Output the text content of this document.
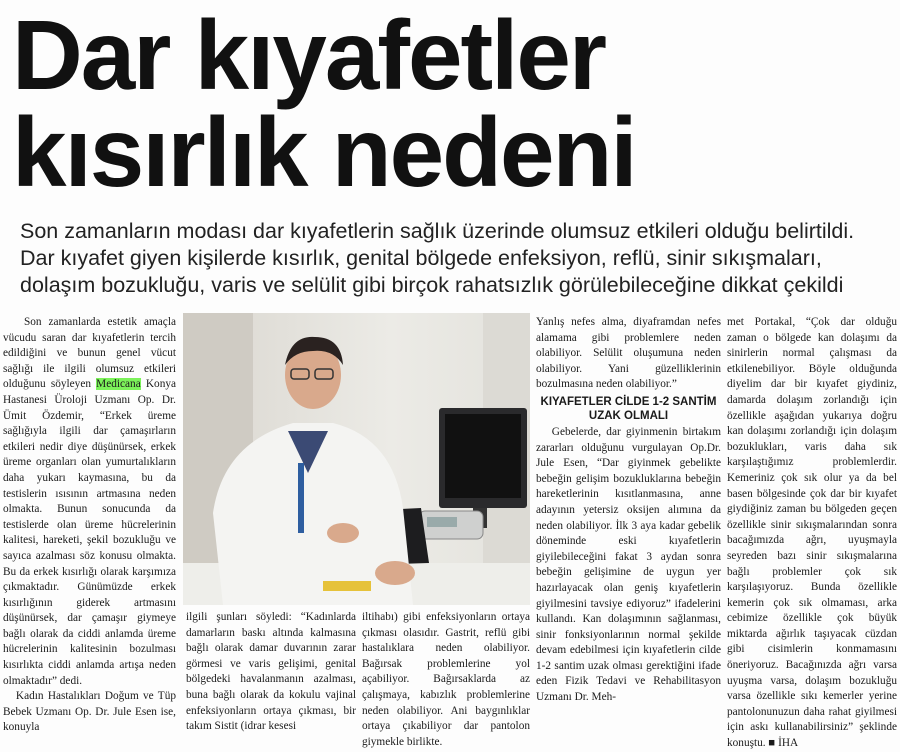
Dar kıyafetler
kısırlık nedeni
Son zamanların modası dar kıyafetlerin sağlık üzerinde olumsuz etkileri olduğu belirtildi.
Dar kıyafet giyen kişilerde kısırlık, genital bölgede enfeksiyon, reflü, sinir sıkışmaları,
dolaşım bozukluğu, varis ve selülit gibi birçok rahatsızlık görülebileceğine dikkat çekildi

Son zamanlarda estetik amaçla vücudu saran dar kıyafetlerin tercih edildiğini ve bunun genel vücut sağlığı ile ilgili olumsuz etkileri olduğunu söyleyen Medicana Konya Hastanesi Üroloji Uzmanı Op. Dr. Ümit Özdemir, “Erkek üreme sağlığıyla ilgili dar çamaşırların etkileri nedir diye düşünürsek, erkek üreme organları olan yumurtalıkların daha yukarı kaymasına, bu da testislerin ısısının artmasına neden olmakta. Bunun sonucunda da testislerde olan üreme hücrelerinin kalitesi, hareketi, şekil bozukluğu ve sayıca azalması söz konusu olmakta. Bu da erkek kısırlığı olarak karşımıza çıkmaktadır. Günümüzde erkek kısırlığının giderek artmasını düşünürsek, dar çamaşır giymeye bağlı olarak da ciddi anlamda üreme hücrelerinin kalitesinin bozulması kısırlıkta ciddi anlamda artışa neden olmaktadır” dedi.

Kadın Hastalıkları Doğum ve Tüp Bebek Uzmanı Op. Dr. Jule Esen ise, konuyla

ilgili şunları söyledi: “Kadınlarda damarların baskı altında kalmasına bağlı olarak damar duvarının zarar görmesi ve varis gelişimi, genital bölgedeki havalanmanın azalması, buna bağlı olarak da kokulu vajinal enfeksiyonların ortaya çıkması, bir takım Sistit (idrar kesesi
iltihabı) gibi enfeksiyonların ortaya çıkması olasıdır. Gastrit, reflü gibi hastalıklara neden olabiliyor. Bağırsak problemlerine yol açabiliyor. Bağırsaklarda az çalışmaya, kabızlık problemlerine neden olabiliyor. Ani baygınlıklar ortaya çıkabiliyor dar pantolon giymekle birlikte.

Yanlış nefes alma, diyaframdan nefes alamama gibi problemlere neden olabiliyor. Selülit oluşumuna neden olabiliyor. Yani güzelliklerinin bozulmasına neden olabiliyor.”

KIYAFETLER CİLDE 1-2 SANTİM UZAK OLMALI

Gebelerde, dar giyinmenin birtakım zararları olduğunu vurgulayan Op.Dr. Jule Esen, “Dar giyinmek gebelikte bebeğin gelişim bozukluklarına bebeğin hareketlerinin kısıtlanmasına, anne adayının yetersiz oksijen alımına da neden olabiliyor. İlk 3 aya kadar gebelik döneminde eski kıyafetlerin giyilebileceğini fakat 3 aydan sonra bebeğin gelişimine de uygun yer hazırlayacak olan geniş kıyafetlerin giyilmesini tavsiye ediyoruz” ifadelerini kullandı. Kan dolaşımının sağlanması, sinir fonksiyonlarının normal şekilde devam edebilmesi için kıyafetlerin cilde 1-2 santim uzak olması gerektiğini ifade eden Fizik Tedavi ve Rehabilitasyon Uzmanı Dr. Meh-

met Portakal, “Çok dar olduğu zaman o bölgede kan dolaşımı da sinirlerin normal çalışması da etkilenebiliyor. Böyle olduğunda diyelim dar bir kıyafet giydiniz, damarda dolaşım zorlandığı için özellikle aşağıdan yukarıya doğru kan dolaşımı zorlandığı için dolaşım bozuklukları, varis daha sık karşılaştığımız problemlerdir. Kemeriniz çok sık olur ya da bel basen bölgesinde çok dar bir kıyafet giydiğiniz zaman bu bölgeden geçen özellikle sinir sıkışmalarından sonra bacağımızda ağrı, uyuşmayla seyreden bazı sinir sıkışmalarına bağlı problemler çok sık karşılaşıyoruz. Bunda özellikle kemerin çok sık olmaması, arka cebimize özellikle çok büyük miktarda ağırlık taşıyacak cüzdan gibi cisimlerin konmamasını öneriyoruz. Bacağınızda ağrı varsa uyuşma varsa, dolaşım bozukluğu varsa özellikle sıkı kemerler yerine pantolonunuzun daha rahat giyilmesi için askı kullanabilirsiniz” şeklinde konuştu. ■ İHA
